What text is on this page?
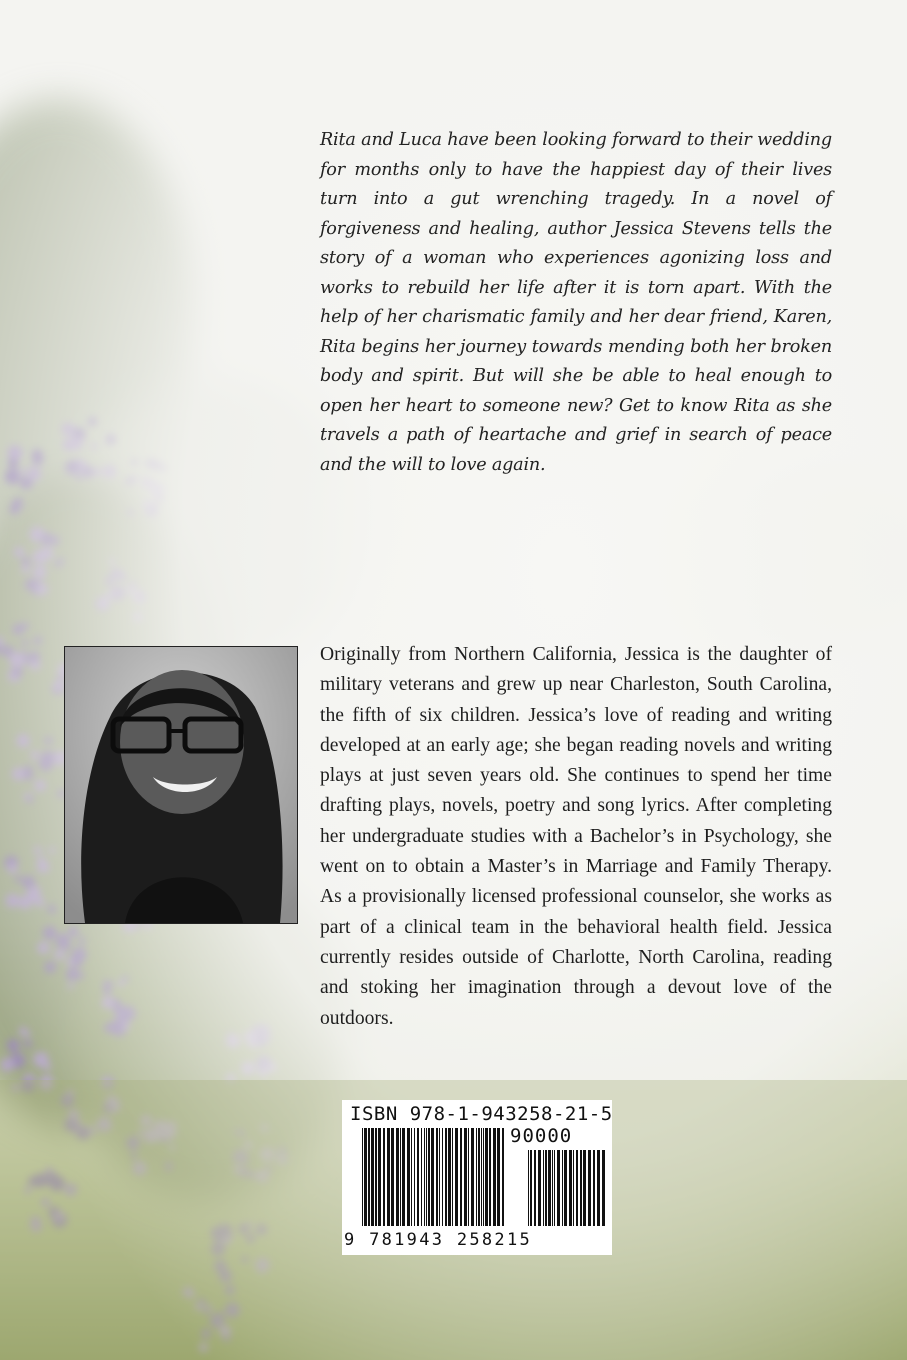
Rita and Luca have been looking forward to their wedding for months only to have the happiest day of their lives turn into a gut wrenching tragedy. In a novel of forgiveness and healing, author Jessica Stevens tells the story of a woman who experiences agonizing loss and works to rebuild her life after it is torn apart. With the help of her charismatic family and her dear friend, Karen, Rita begins her journey towards mending both her broken body and spirit. But will she be able to heal enough to open her heart to someone new? Get to know Rita as she travels a path of heartache and grief in search of peace and the will to love again.

Originally from Northern California, Jessica is the daughter of military veterans and grew up near Charleston, South Carolina, the fifth of six children. Jessica’s love of reading and writing developed at an early age; she began reading novels and writing plays at just seven years old. She continues to spend her time drafting plays, novels, poetry and song lyrics. After completing her undergraduate studies with a Bachelor’s in Psychology, she went on to obtain a Master’s in Marriage and Family Therapy. As a provisionally licensed professional counselor, she works as part of a clinical team in the behavioral health field. Jessica currently resides outside of Charlotte, North Carolina, reading and stoking her imagination through a devout love of the outdoors.

ISBN 978-1-943258-21-5
90000
9 781943 258215
